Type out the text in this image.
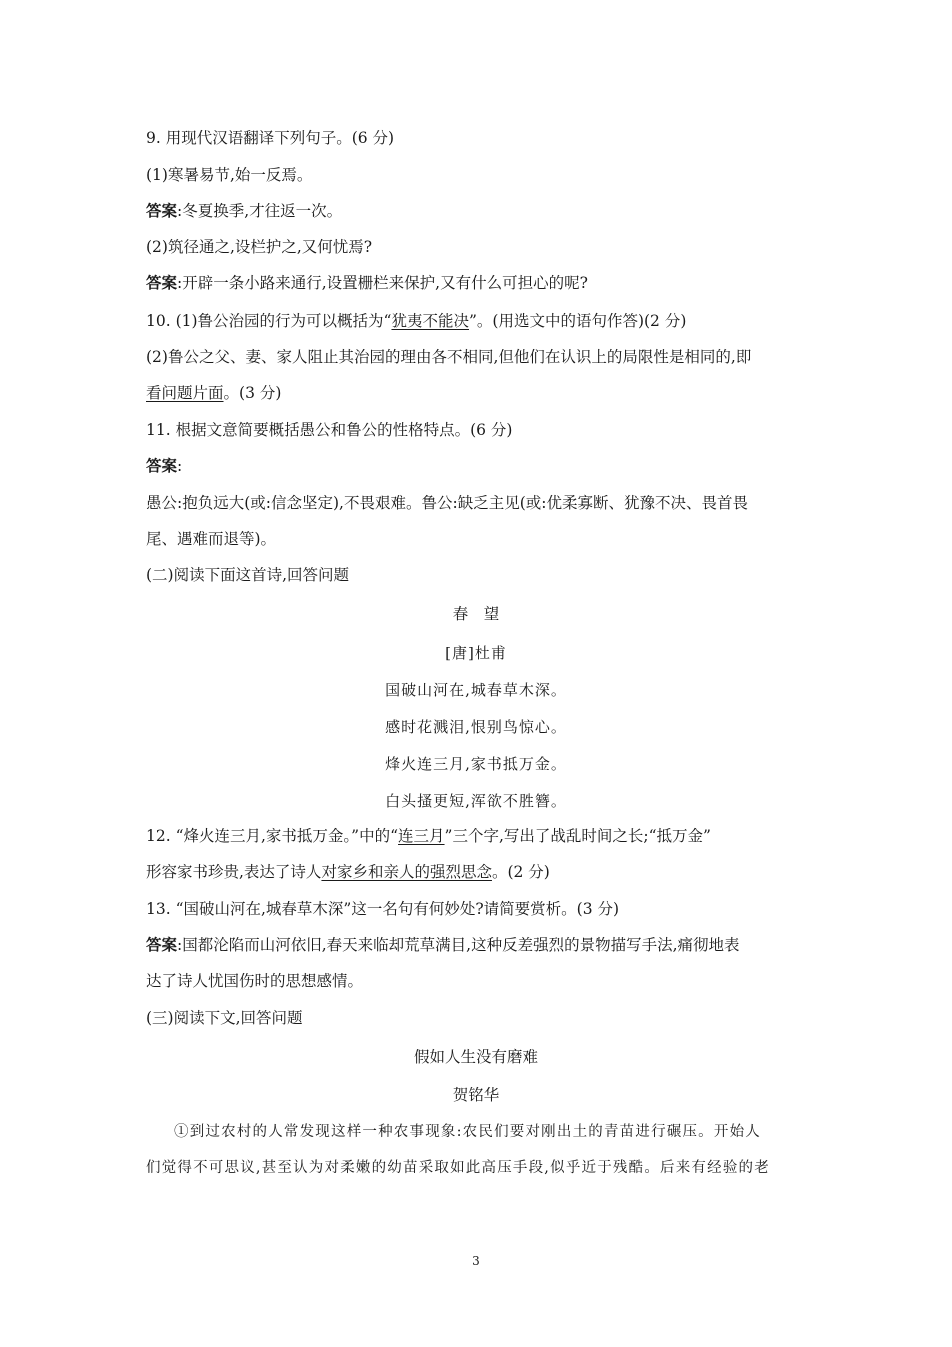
9. 用现代汉语翻译下列句子。(6 分)
(1)寒暑易节,始一反焉。
答案:冬夏换季,才往返一次。
(2)筑径通之,设栏护之,又何忧焉?
答案:开辟一条小路来通行,设置栅栏来保护,又有什么可担心的呢?
10. (1)鲁公治园的行为可以概括为“犹夷不能决”。(用选文中的语句作答)(2 分)
(2)鲁公之父、妻、家人阻止其治园的理由各不相同,但他们在认识上的局限性是相同的,即
看问题片面。(3 分)
11. 根据文意简要概括愚公和鲁公的性格特点。(6 分)
答案:
愚公:抱负远大(或:信念坚定),不畏艰难。鲁公:缺乏主见(或:优柔寡断、犹豫不决、畏首畏
尾、遇难而退等)。
(二)阅读下面这首诗,回答问题
春　望
[唐]杜甫
国破山河在,城春草木深。
感时花溅泪,恨别鸟惊心。
烽火连三月,家书抵万金。
白头搔更短,浑欲不胜簪。
12. “烽火连三月,家书抵万金。”中的“连三月”三个字,写出了战乱时间之长;“抵万金”
形容家书珍贵,表达了诗人对家乡和亲人的强烈思念。(2 分)
13. “国破山河在,城春草木深”这一名句有何妙处?请简要赏析。(3 分)
答案:国都沦陷而山河依旧,春天来临却荒草满目,这种反差强烈的景物描写手法,痛彻地表
达了诗人忧国伤时的思想感情。
(三)阅读下文,回答问题
假如人生没有磨难
贺铭华
①到过农村的人常发现这样一种农事现象:农民们要对刚出土的青苗进行碾压。开始人
们觉得不可思议,甚至认为对柔嫩的幼苗采取如此高压手段,似乎近于残酷。后来有经验的老
3
